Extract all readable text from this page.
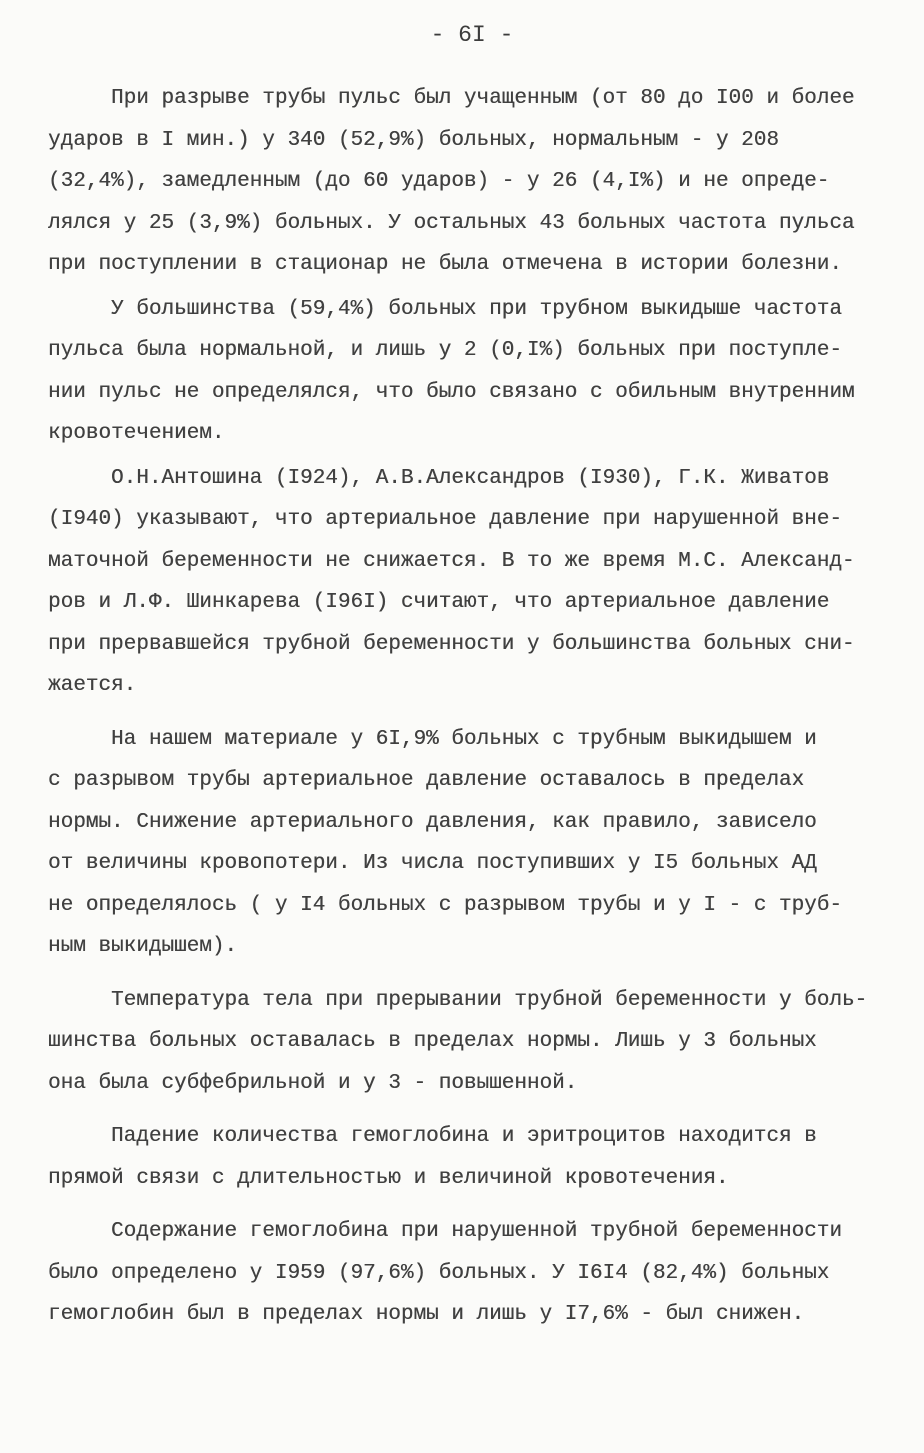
- 6I -
При разрыве трубы пульс был учащенным (от 80 до I00 и более
ударов в I мин.) у 340 (52,9%) больных, нормальным - у 208
(32,4%), замедленным (до 60 ударов) - у 26 (4,I%) и не опреде-
лялся у 25 (3,9%) больных. У остальных 43 больных частота пульса
при поступлении в стационар не была отмечена в истории болезни.
У большинства (59,4%) больных при трубном выкидыше частота
пульса была нормальной, и лишь у 2 (0,I%) больных при поступле-
нии пульс не определялся, что было связано с обильным внутренним
кровотечением.
О.Н.Антошина (I924), А.В.Александров (I930), Г.К. Живатов
(I940) указывают, что артериальное давление при нарушенной вне-
маточной беременности не снижается. В то же время М.С. Александ-
ров и Л.Ф. Шинкарева (I96I) считают, что артериальное давление
при прервавшейся трубной беременности у большинства больных сни-
жается.
На нашем материале у 6I,9% больных с трубным выкидышем и
с разрывом трубы артериальное давление оставалось в пределах
нормы. Снижение артериального давления, как правило, зависело
от величины кровопотери. Из числа поступивших у I5 больных АД
не определялось ( у I4 больных с разрывом трубы и у I - с труб-
ным выкидышем).
Температура тела при прерывании трубной беременности у боль-
шинства больных оставалась в пределах нормы. Лишь у 3 больных
она была субфебрильной и у 3 - повышенной.
Падение количества гемоглобина и эритроцитов находится в
прямой связи с длительностью и величиной кровотечения.
Содержание гемоглобина при нарушенной трубной беременности
было определено у I959 (97,6%) больных. У I6I4 (82,4%) больных
гемоглобин был в пределах нормы и лишь у I7,6% - был снижен.
